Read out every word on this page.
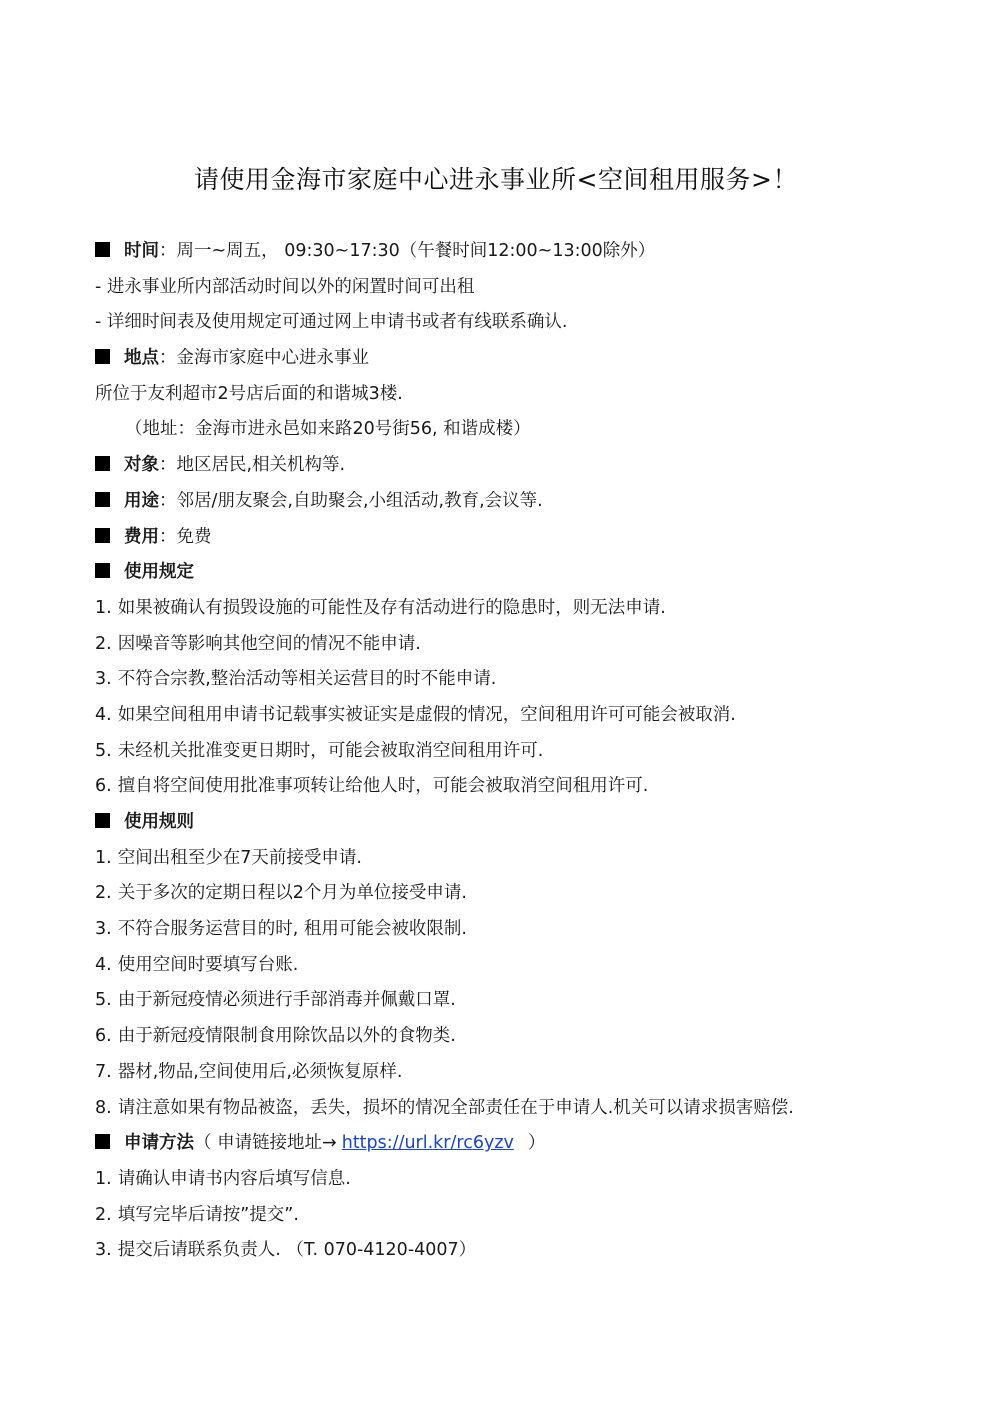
请使用金海市家庭中心进永事业所<空间租用服务>！
时间：周一~周五， 09:30~17:30（午餐时间12:00~13:00除外）
- 进永事业所内部活动时间以外的闲置时间可出租
- 详细时间表及使用规定可通过网上申请书或者有线联系确认.
地点：金海市家庭中心进永事业
所位于友利超市2号店后面的和谐城3楼.
（地址：金海市进永邑如来路20号街56, 和谐成楼）
对象：地区居民,相关机构等.
用途：邻居/朋友聚会,自助聚会,小组活动,教育,会议等.
费用：免费
使用规定
1. 如果被确认有损毁设施的可能性及存有活动进行的隐患时，则无法申请.
2. 因噪音等影响其他空间的情况不能申请.
3. 不符合宗教,整治活动等相关运营目的时不能申请.
4. 如果空间租用申请书记载事实被证实是虚假的情况，空间租用许可可能会被取消.
5. 未经机关批准变更日期时，可能会被取消空间租用许可.
6. 擅自将空间使用批准事项转让给他人时，可能会被取消空间租用许可.
使用规则
1. 空间出租至少在7天前接受申请.
2. 关于多次的定期日程以2个月为单位接受申请.
3. 不符合服务运营目的时, 租用可能会被收限制.
4. 使用空间时要填写台账.
5. 由于新冠疫情必须进行手部消毒并佩戴口罩.
6. 由于新冠疫情限制食用除饮品以外的食物类.
7. 器材,物品,空间使用后,必须恢复原样.
8. 请注意如果有物品被盗，丢失，损坏的情况全部责任在于申请人.机关可以请求损害赔偿.
申请方法（ 申请链接地址→ https://url.kr/rc6yzv ）
1. 请确认申请书内容后填写信息.
2. 填写完毕后请按”提交”.
3. 提交后请联系负责人. （T. 070-4120-4007）
